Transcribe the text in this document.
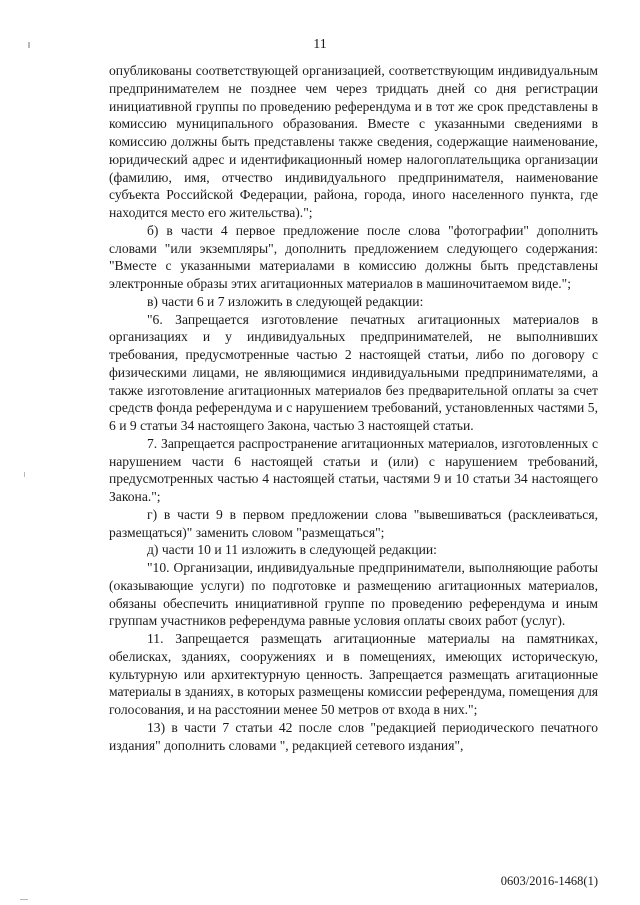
11

опубликованы соответствующей организацией, соответствующим индивидуальным предпринимателем не позднее чем через тридцать дней со дня регистрации инициативной группы по проведению референдума и в тот же срок представлены в комиссию муниципального образования. Вместе с указанными сведениями в комиссию должны быть представлены также сведения, содержащие наименование, юридический адрес и идентификационный номер налогоплательщика организации (фамилию, имя, отчество индивидуального предпринимателя, наименование субъекта Российской Федерации, района, города, иного населенного пункта, где находится место его жительства).";

б) в части 4 первое предложение после слова "фотографии" дополнить словами "или экземпляры", дополнить предложением следующего содержания: "Вместе с указанными материалами в комиссию должны быть представлены электронные образы этих агитационных материалов в машиночитаемом виде.";

в) части 6 и 7 изложить в следующей редакции:

"6. Запрещается изготовление печатных агитационных материалов в организациях и у индивидуальных предпринимателей, не выполнивших требования, предусмотренные частью 2 настоящей статьи, либо по договору с физическими лицами, не являющимися индивидуальными предпринимателями, а также изготовление агитационных материалов без предварительной оплаты за счет средств фонда референдума и с нарушением требований, установленных частями 5, 6 и 9 статьи 34 настоящего Закона, частью 3 настоящей статьи.

7. Запрещается распространение агитационных материалов, изготовленных с нарушением части 6 настоящей статьи и (или) с нарушением требований, предусмотренных частью 4 настоящей статьи, частями 9 и 10 статьи 34 настоящего Закона.";

г) в части 9 в первом предложении слова "вывешиваться (расклеиваться, размещаться)" заменить словом "размещаться";

д) части 10 и 11 изложить в следующей редакции:

"10. Организации, индивидуальные предприниматели, выполняющие работы (оказывающие услуги) по подготовке и размещению агитационных материалов, обязаны обеспечить инициативной группе по проведению референдума и иным группам участников референдума равные условия оплаты своих работ (услуг).

11. Запрещается размещать агитационные материалы на памятниках, обелисках, зданиях, сооружениях и в помещениях, имеющих историческую, культурную или архитектурную ценность. Запрещается размещать агитационные материалы в зданиях, в которых размещены комиссии референдума, помещения для голосования, и на расстоянии менее 50 метров от входа в них.";

13) в части 7 статьи 42 после слов "редакцией периодического печатного издания" дополнить словами ", редакцией сетевого издания",

0603/2016-1468(1)
